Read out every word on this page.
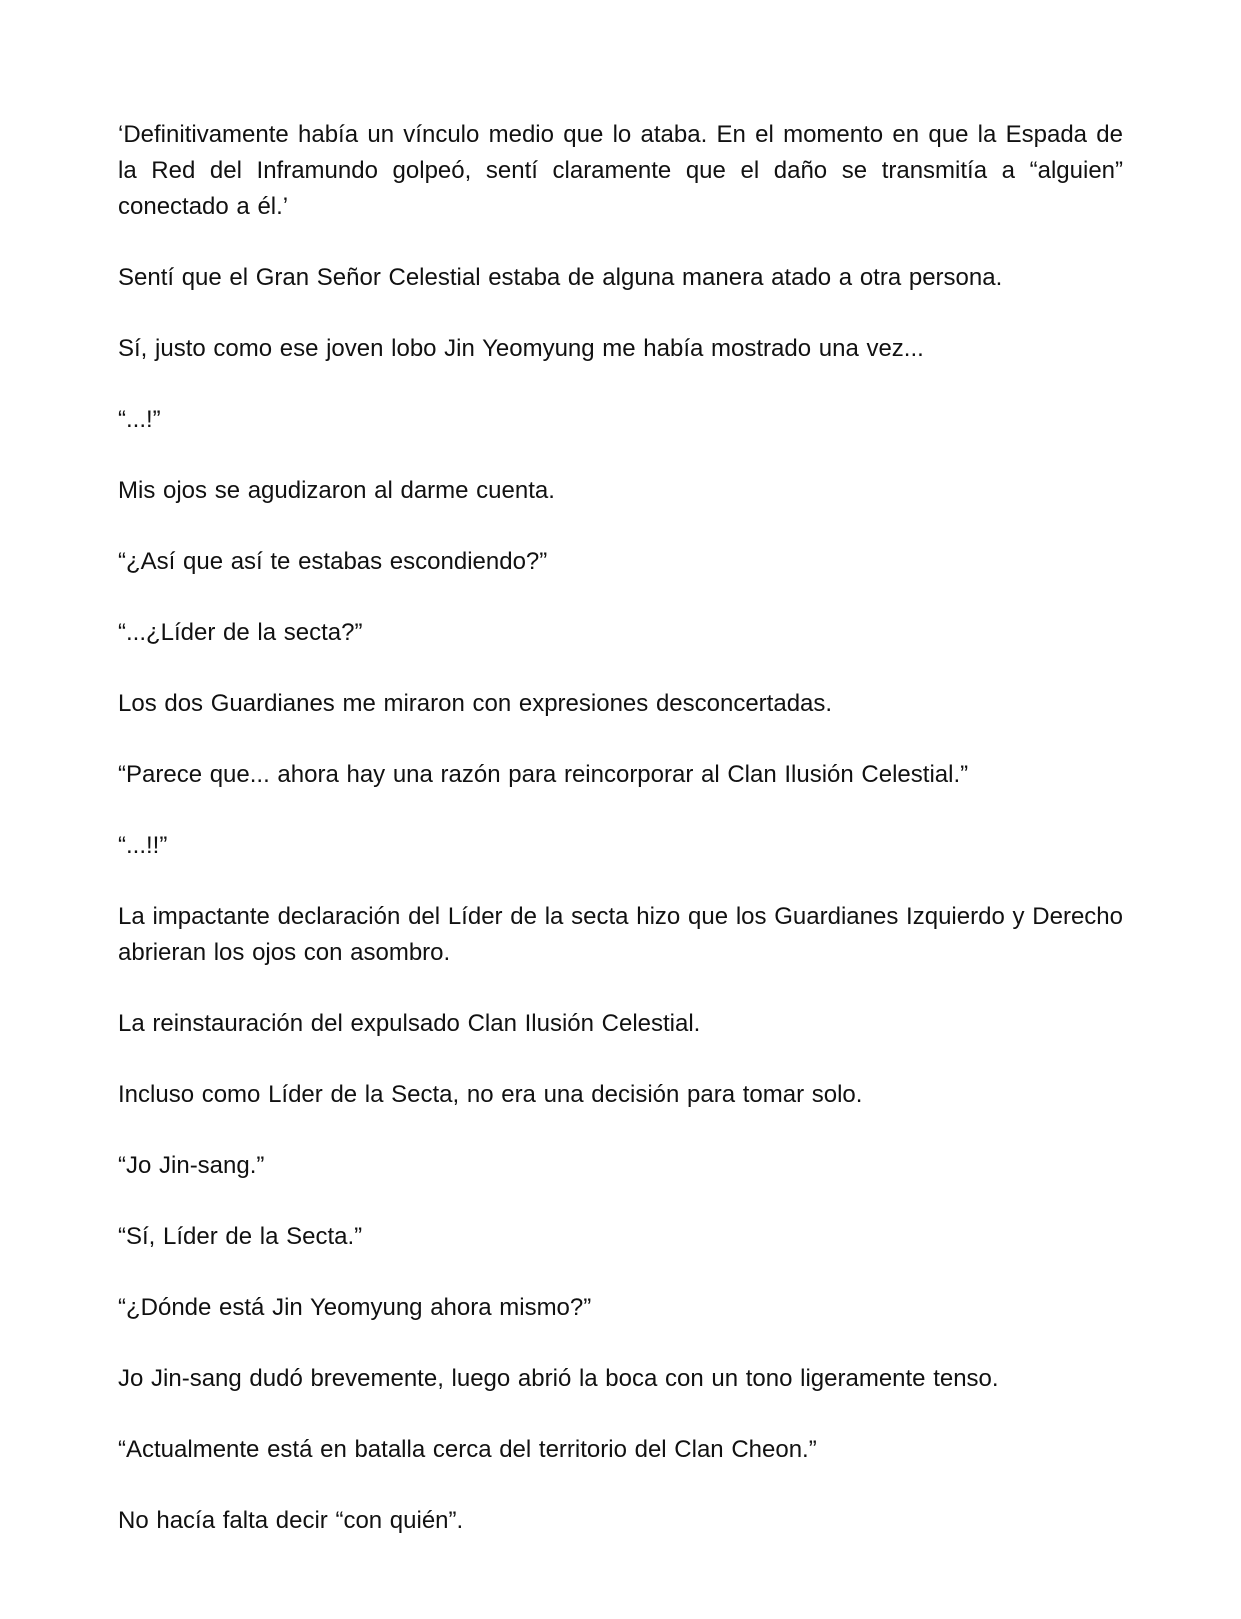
‘Definitivamente había un vínculo medio que lo ataba. En el momento en que la Espada de la Red del Inframundo golpeó, sentí claramente que el daño se transmitía a “alguien” conectado a él.’

Sentí que el Gran Señor Celestial estaba de alguna manera atado a otra persona.

Sí, justo como ese joven lobo Jin Yeomyung me había mostrado una vez...

“...!”

Mis ojos se agudizaron al darme cuenta.

“¿Así que así te estabas escondiendo?”

“...¿Líder de la secta?”

Los dos Guardianes me miraron con expresiones desconcertadas.

“Parece que... ahora hay una razón para reincorporar al Clan Ilusión Celestial.”

“...!!”

La impactante declaración del Líder de la secta hizo que los Guardianes Izquierdo y Derecho abrieran los ojos con asombro.

La reinstauración del expulsado Clan Ilusión Celestial.

Incluso como Líder de la Secta, no era una decisión para tomar solo.

“Jo Jin-sang.”

“Sí, Líder de la Secta.”

“¿Dónde está Jin Yeomyung ahora mismo?”

Jo Jin-sang dudó brevemente, luego abrió la boca con un tono ligeramente tenso.

“Actualmente está en batalla cerca del territorio del Clan Cheon.”

No hacía falta decir “con quién”.
